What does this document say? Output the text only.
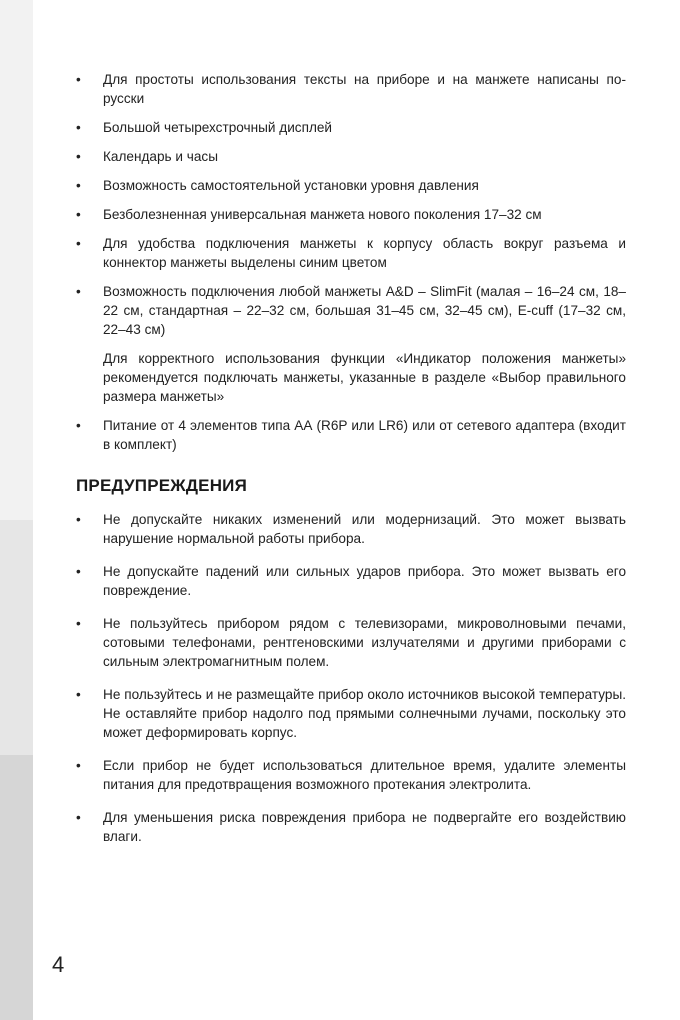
• Для простоты использования тексты на приборе и на манжете написаны по-русски
• Большой четырехстрочный дисплей
• Календарь и часы
• Возможность самостоятельной установки уровня давления
• Безболезненная универсальная манжета нового поколения 17–32 см
• Для удобства подключения манжеты к корпусу область вокруг разъема и коннектор манжеты выделены синим цветом
• Возможность подключения любой манжеты A&D – SlimFit (малая – 16–24 см, 18–22 см, стандартная – 22–32 см, большая 31–45 см, 32–45 см), E-cuff (17–32 см, 22–43 см)
Для корректного использования функции «Индикатор положения манжеты» рекомендуется подключать манжеты, указанные в разделе «Выбор правильного размера манжеты»
• Питание от 4 элементов типа АА (R6P или LR6) или от сетевого адаптера (входит в комплект)
ПРЕДУПРЕЖДЕНИЯ
• Не допускайте никаких изменений или модернизаций. Это может вызвать нарушение нормальной работы прибора.
• Не допускайте падений или сильных ударов прибора. Это может вызвать его повреждение.
• Не пользуйтесь прибором рядом с телевизорами, микроволновыми печами, сотовыми телефонами, рентгеновскими излучателями и другими приборами с сильным электромагнитным полем.
• Не пользуйтесь и не размещайте прибор около источников высокой температуры. Не оставляйте прибор надолго под прямыми солнечными лучами, поскольку это может деформировать корпус.
• Если прибор не будет использоваться длительное время, удалите элементы питания для предотвращения возможного протекания электролита.
• Для уменьшения риска повреждения прибора не подвергайте его воздействию влаги.
4
